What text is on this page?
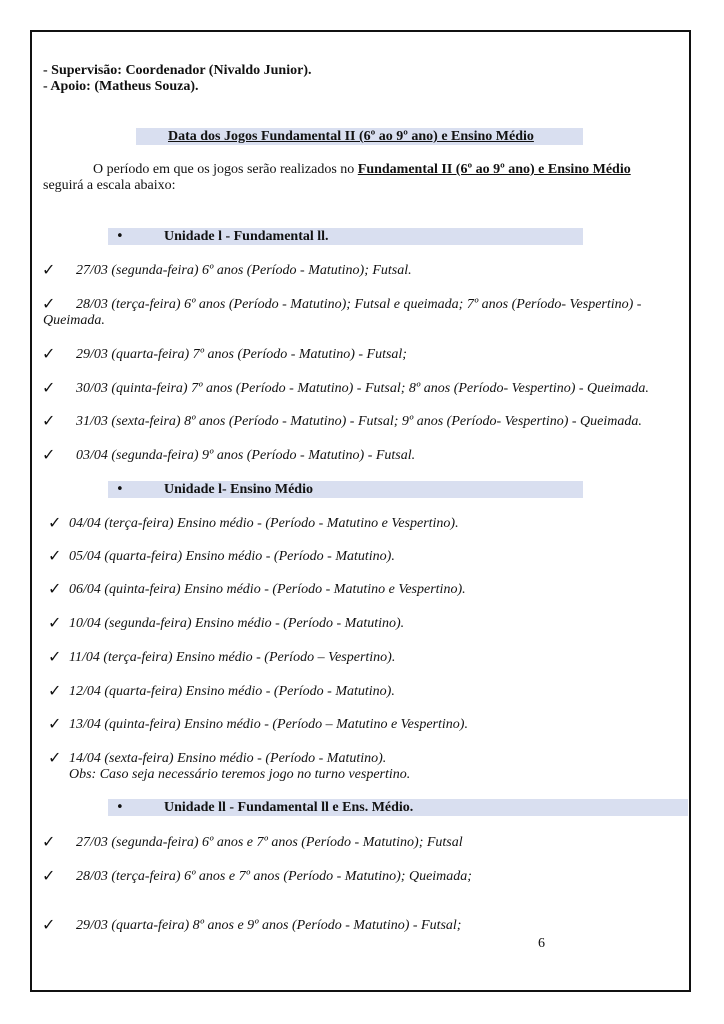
- Supervisão: Coordenador (Nivaldo Junior).
- Apoio: (Matheus Souza).
Data dos Jogos Fundamental II (6º ao 9º ano) e Ensino Médio
O período em que os jogos serão realizados no Fundamental II (6º ao 9º ano) e Ensino Médio
seguirá a escala abaixo:
•	Unidade l - Fundamental ll.
✓ 27/03 (segunda-feira) 6º anos (Período - Matutino); Futsal.
✓ 28/03 (terça-feira) 6º anos (Período - Matutino); Futsal e queimada; 7º anos (Período- Vespertino) -
Queimada.
✓ 29/03 (quarta-feira) 7º anos (Período - Matutino) - Futsal;
✓ 30/03 (quinta-feira) 7º anos (Período - Matutino) - Futsal; 8º anos (Período- Vespertino) - Queimada.
✓ 31/03 (sexta-feira) 8º anos (Período - Matutino) - Futsal; 9º anos (Período- Vespertino) - Queimada.
✓ 03/04 (segunda-feira) 9º anos (Período - Matutino) - Futsal.
•	Unidade l- Ensino Médio
✓ 04/04 (terça-feira) Ensino médio - (Período - Matutino e Vespertino).
✓ 05/04 (quarta-feira) Ensino médio - (Período - Matutino).
✓ 06/04 (quinta-feira) Ensino médio - (Período - Matutino e Vespertino).
✓ 10/04 (segunda-feira) Ensino médio - (Período - Matutino).
✓ 11/04 (terça-feira) Ensino médio - (Período – Vespertino).
✓ 12/04 (quarta-feira) Ensino médio - (Período - Matutino).
✓ 13/04 (quinta-feira) Ensino médio - (Período – Matutino e Vespertino).
✓ 14/04 (sexta-feira) Ensino médio - (Período - Matutino).
Obs: Caso seja necessário teremos jogo no turno vespertino.
•	Unidade ll - Fundamental ll e Ens. Médio.
✓ 27/03 (segunda-feira) 6º anos e 7º anos (Período - Matutino); Futsal
✓ 28/03 (terça-feira) 6º anos e 7º anos (Período - Matutino); Queimada;
✓ 29/03 (quarta-feira) 8º anos e 9º anos (Período - Matutino) - Futsal;
6
